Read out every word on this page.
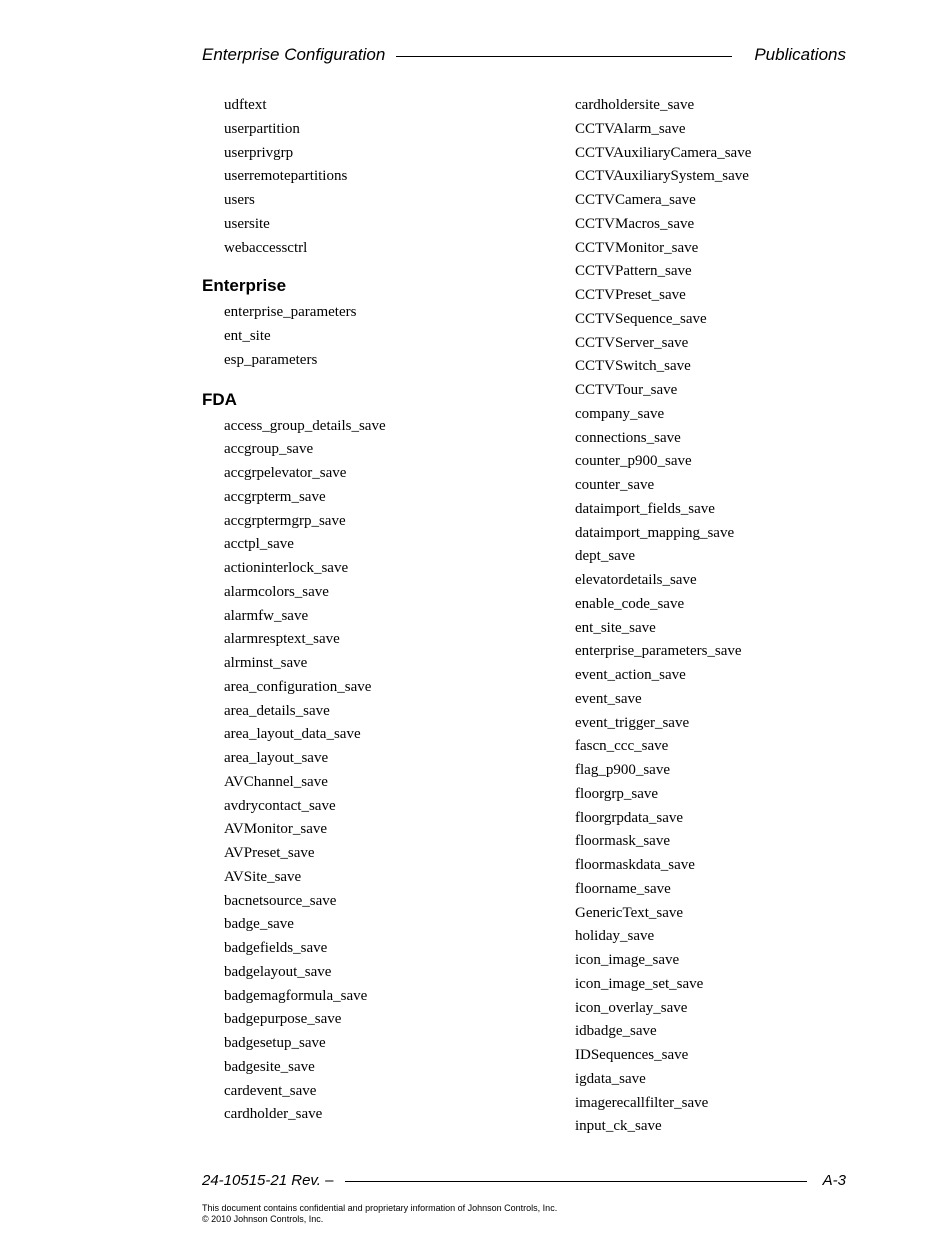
Enterprise Configuration	Publications
udftext
userpartition
userprivgrp
userremotepartitions
users
usersite
webaccessctrl
Enterprise
enterprise_parameters
ent_site
esp_parameters
FDA
access_group_details_save
accgroup_save
accgrpelevator_save
accgrpterm_save
accgrptermgrp_save
acctpl_save
actioninterlock_save
alarmcolors_save
alarmfw_save
alarmresptext_save
alrminst_save
area_configuration_save
area_details_save
area_layout_data_save
area_layout_save
AVChannel_save
avdrycontact_save
AVMonitor_save
AVPreset_save
AVSite_save
bacnetsource_save
badge_save
badgefields_save
badgelayout_save
badgemagformula_save
badgepurpose_save
badgesetup_save
badgesite_save
cardevent_save
cardholder_save
cardholdersite_save
CCTVAlarm_save
CCTVAuxiliaryCamera_save
CCTVAuxiliarySystem_save
CCTVCamera_save
CCTVMacros_save
CCTVMonitor_save
CCTVPattern_save
CCTVPreset_save
CCTVSequence_save
CCTVServer_save
CCTVSwitch_save
CCTVTour_save
company_save
connections_save
counter_p900_save
counter_save
dataimport_fields_save
dataimport_mapping_save
dept_save
elevatordetails_save
enable_code_save
ent_site_save
enterprise_parameters_save
event_action_save
event_save
event_trigger_save
fascn_ccc_save
flag_p900_save
floorgrp_save
floorgrpdata_save
floormask_save
floormaskdata_save
floorname_save
GenericText_save
holiday_save
icon_image_save
icon_image_set_save
icon_overlay_save
idbadge_save
IDSequences_save
igdata_save
imagerecallfilter_save
input_ck_save
24-10515-21 Rev. –	A-3
This document contains confidential and proprietary information of Johnson Controls, Inc.
© 2010 Johnson Controls, Inc.
